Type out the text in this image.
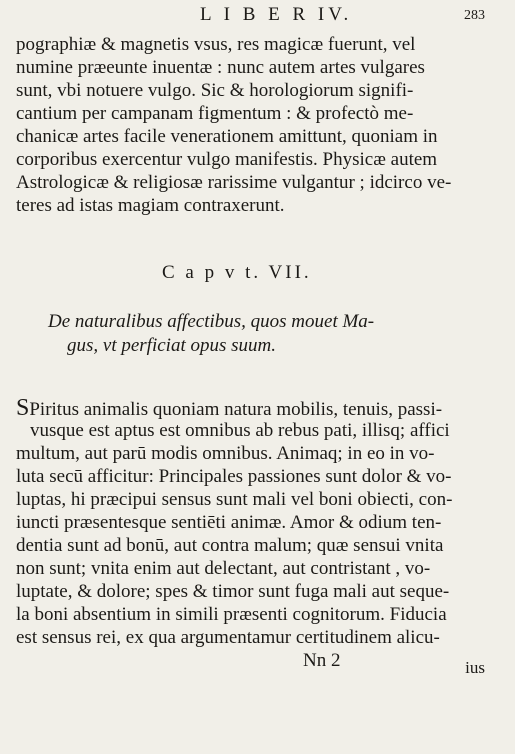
L I B E R IV.	283
pographiæ & magnetis vsus, res magicæ fuerunt, vel
numine præeunte inuentæ : nunc autem artes vulgares
sunt, vbi notuere vulgo. Sic & horologiorum signifi-
cantium per campanam figmentum : & profectò me-
chanicæ artes facile venerationem amittunt, quoniam in
corporibus exercentur vulgo manifestis. Physicæ autem
Astrologicæ & religiosæ rarissime vulgantur ; idcirco ve-
teres ad istas magiam contraxerunt.
C a p v t. VII.
De naturalibus affectibus, quos mouet Ma-
gus, vt perficiat opus suum.
SPiritus animalis quoniam natura mobilis, tenuis, passi-
vusque est aptus est omnibus ab rebus pati, illisq; affici
multum, aut parū modis omnibus. Animaq; in eo in vo-
luta secū afficitur: Principales passiones sunt dolor & vo-
luptas, hi præcipui sensus sunt mali vel boni obiecti, con-
iuncti præsentesque sentiēti animæ. Amor & odium ten-
dentia sunt ad bonū, aut contra malum; quæ sensui vnita
non sunt; vnita enim aut delectant, aut contristant , vo-
luptate, & dolore; spes & timor sunt fuga mali aut seque-
la boni absentium in simili præsenti cognitorum. Fiducia
est sensus rei, ex qua argumentamur certitudinem alicu-
Nn 2	ius
